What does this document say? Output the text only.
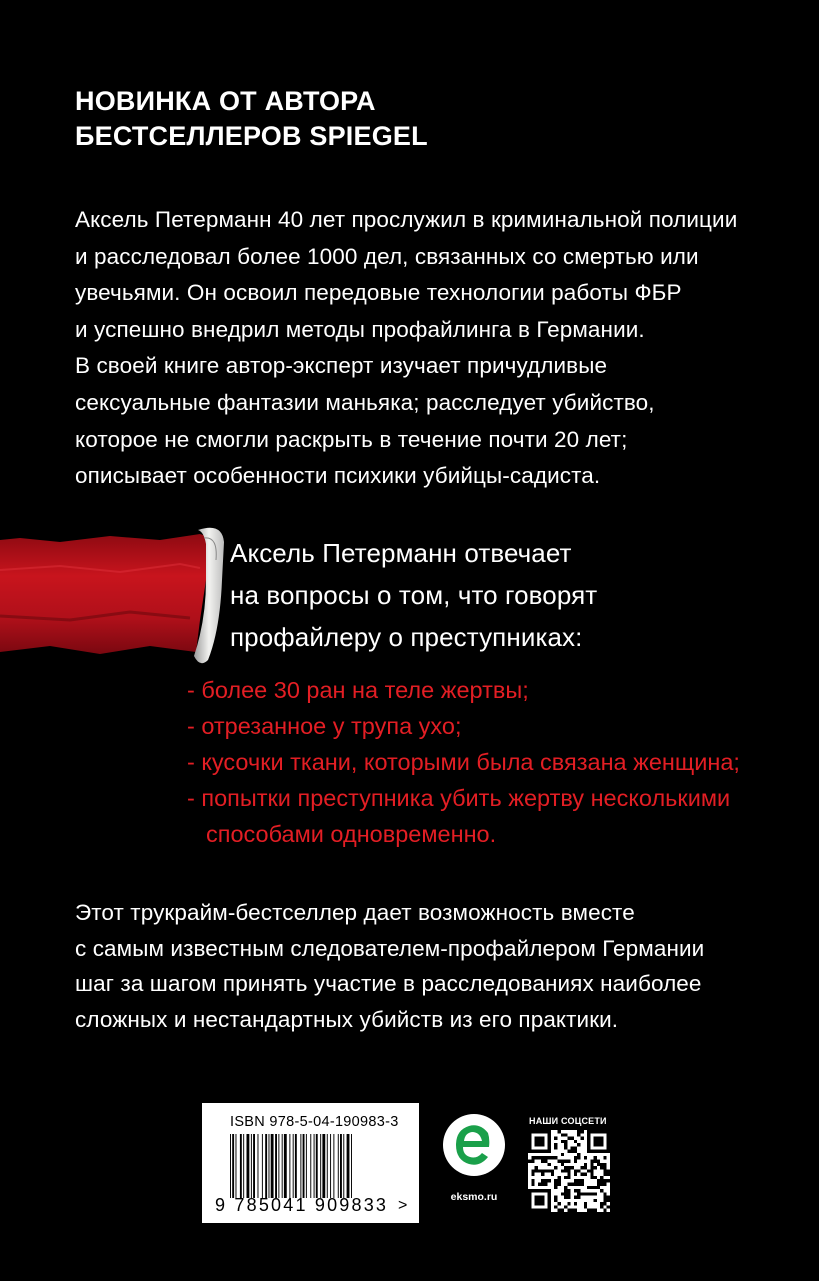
НОВИНКА ОТ АВТОРА
БЕСТСЕЛЛЕРОВ SPIEGEL
Аксель Петерманн 40 лет прослужил в криминальной полиции
и расследовал более 1000 дел, связанных со смертью или
увечьями. Он освоил передовые технологии работы ФБР
и успешно внедрил методы профайлинга в Германии.
В своей книге автор-эксперт изучает причудливые
сексуальные фантазии маньяка; расследует убийство,
которое не смогли раскрыть в течение почти 20 лет;
описывает особенности психики убийцы-садиста.
Аксель Петерманн отвечает
на вопросы о том, что говорят
профайлеру о преступниках:
- более 30 ран на теле жертвы;
- отрезанное у трупа ухо;
- кусочки ткани, которыми была связана женщина;
- попытки преступника убить жертву несколькими
способами одновременно.
Этот трукрайм-бестселлер дает возможность вместе
с самым известным следователем-профайлером Германии
шаг за шагом принять участие в расследованиях наиболее
сложных и нестандартных убийств из его практики.
ISBN 978-5-04-190983-3
9 785041 909833 >	eksmo.ru
НАШИ СОЦСЕТИ
